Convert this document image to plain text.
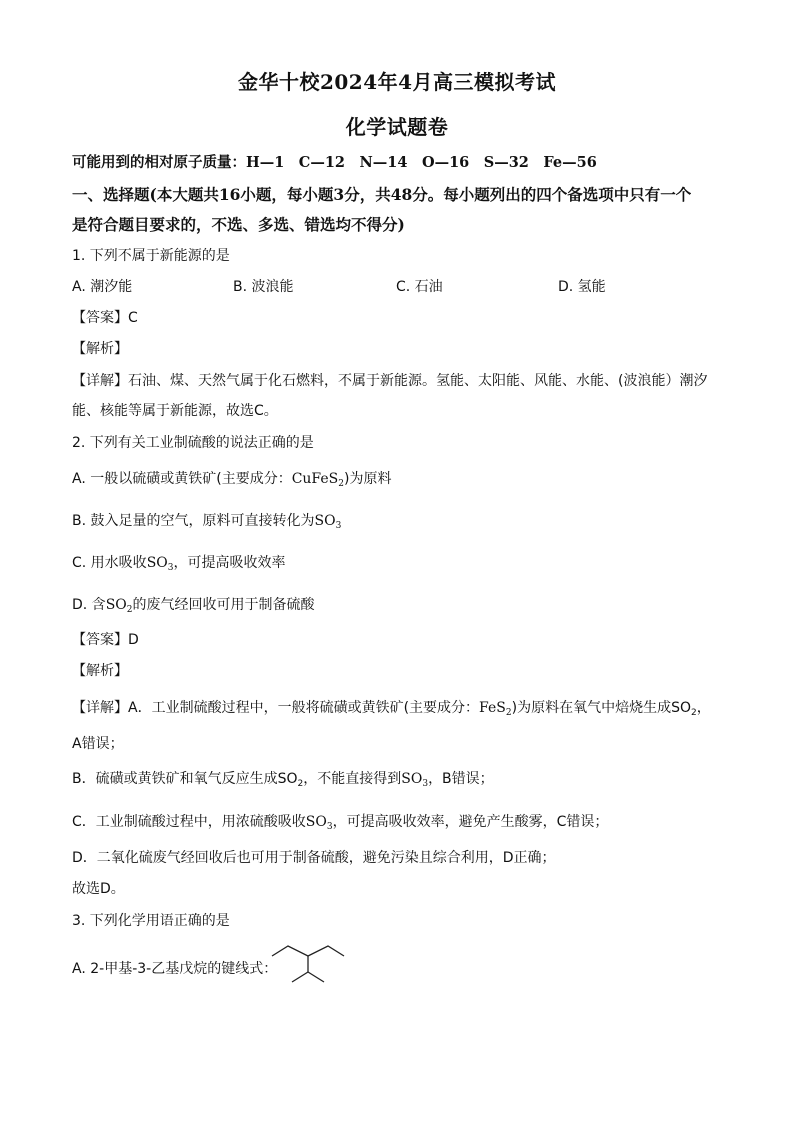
金华十校2024年4月高三模拟考试
化学试题卷
可能用到的相对原子质量：H—1　C—12　N—14　O—16　S—32　Fe—56
一、选择题(本大题共16小题，每小题3分，共48分。每小题列出的四个备选项中只有一个
是符合题目要求的，不选、多选、错选均不得分)
1. 下列不属于新能源的是
A. 潮汐能	B. 波浪能	C. 石油	D. 氢能
【答案】C
【解析】
【详解】石油、煤、天然气属于化石燃料，不属于新能源。氢能、太阳能、风能、水能、(波浪能）潮汐
能、核能等属于新能源，故选C。
2. 下列有关工业制硫酸的说法正确的是
A. 一般以硫磺或黄铁矿(主要成分：CuFeS$_2$)为原料
B. 鼓入足量的空气，原料可直接转化为$SO_3$
C. 用水吸收$SO_3$，可提高吸收效率
D. 含$SO_2$的废气经回收可用于制备硫酸
【答案】D
【解析】
【详解】A．工业制硫酸过程中，一般将硫磺或黄铁矿(主要成分：FeS$_2$)为原料在氧气中焙烧生成$SO_2$，
A错误；
B．硫磺或黄铁矿和氧气反应生成$SO_2$，不能直接得到$SO_3$，B错误；
C．工业制硫酸过程中，用浓硫酸吸收$SO_3$，可提高吸收效率，避免产生酸雾，C错误；
D．二氧化硫废气经回收后也可用于制备硫酸，避免污染且综合利用，D正确；
故选D。
3. 下列化学用语正确的是
A. 2-甲基-3-乙基戊烷的键线式：
